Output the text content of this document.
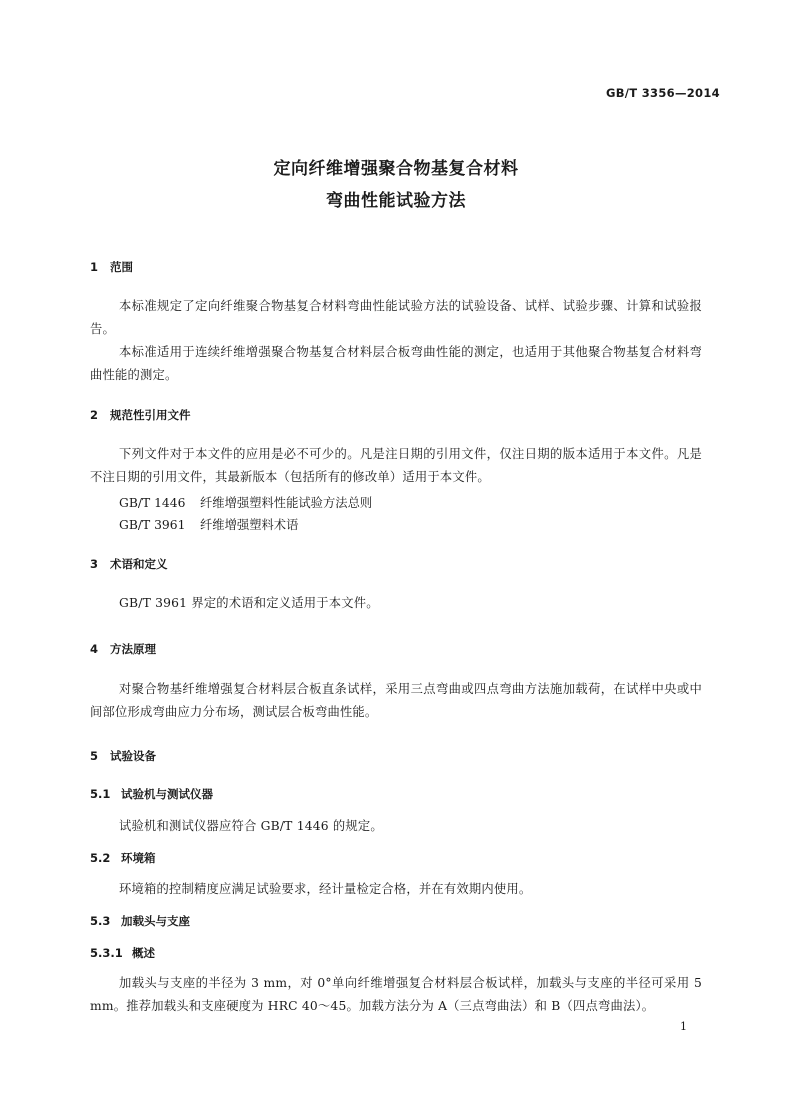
GB/T 3356—2014
定向纤维增强聚合物基复合材料
弯曲性能试验方法
1 范围

本标准规定了定向纤维聚合物基复合材料弯曲性能试验方法的试验设备、试样、试验步骤、计算和试验报告。

本标准适用于连续纤维增强聚合物基复合材料层合板弯曲性能的测定，也适用于其他聚合物基复合材料弯曲性能的测定。

2 规范性引用文件

下列文件对于本文件的应用是必不可少的。凡是注日期的引用文件，仅注日期的版本适用于本文件。凡是不注日期的引用文件，其最新版本（包括所有的修改单）适用于本文件。

GB/T 1446 纤维增强塑料性能试验方法总则
GB/T 3961 纤维增强塑料术语
3 术语和定义

GB/T 3961 界定的术语和定义适用于本文件。

4 方法原理

对聚合物基纤维增强复合材料层合板直条试样，采用三点弯曲或四点弯曲方法施加载荷，在试样中央或中间部位形成弯曲应力分布场，测试层合板弯曲性能。

5 试验设备
5.1 试验机与测试仪器

试验机和测试仪器应符合 GB/T 1446 的规定。

5.2 环境箱

环境箱的控制精度应满足试验要求，经计量检定合格，并在有效期内使用。

5.3 加载头与支座
5.3.1 概述

加载头与支座的半径为 3 mm，对 0°单向纤维增强复合材料层合板试样，加载头与支座的半径可采用 5 mm。推荐加载头和支座硬度为 HRC 40～45。加载方法分为 A（三点弯曲法）和 B（四点弯曲法）。

1
